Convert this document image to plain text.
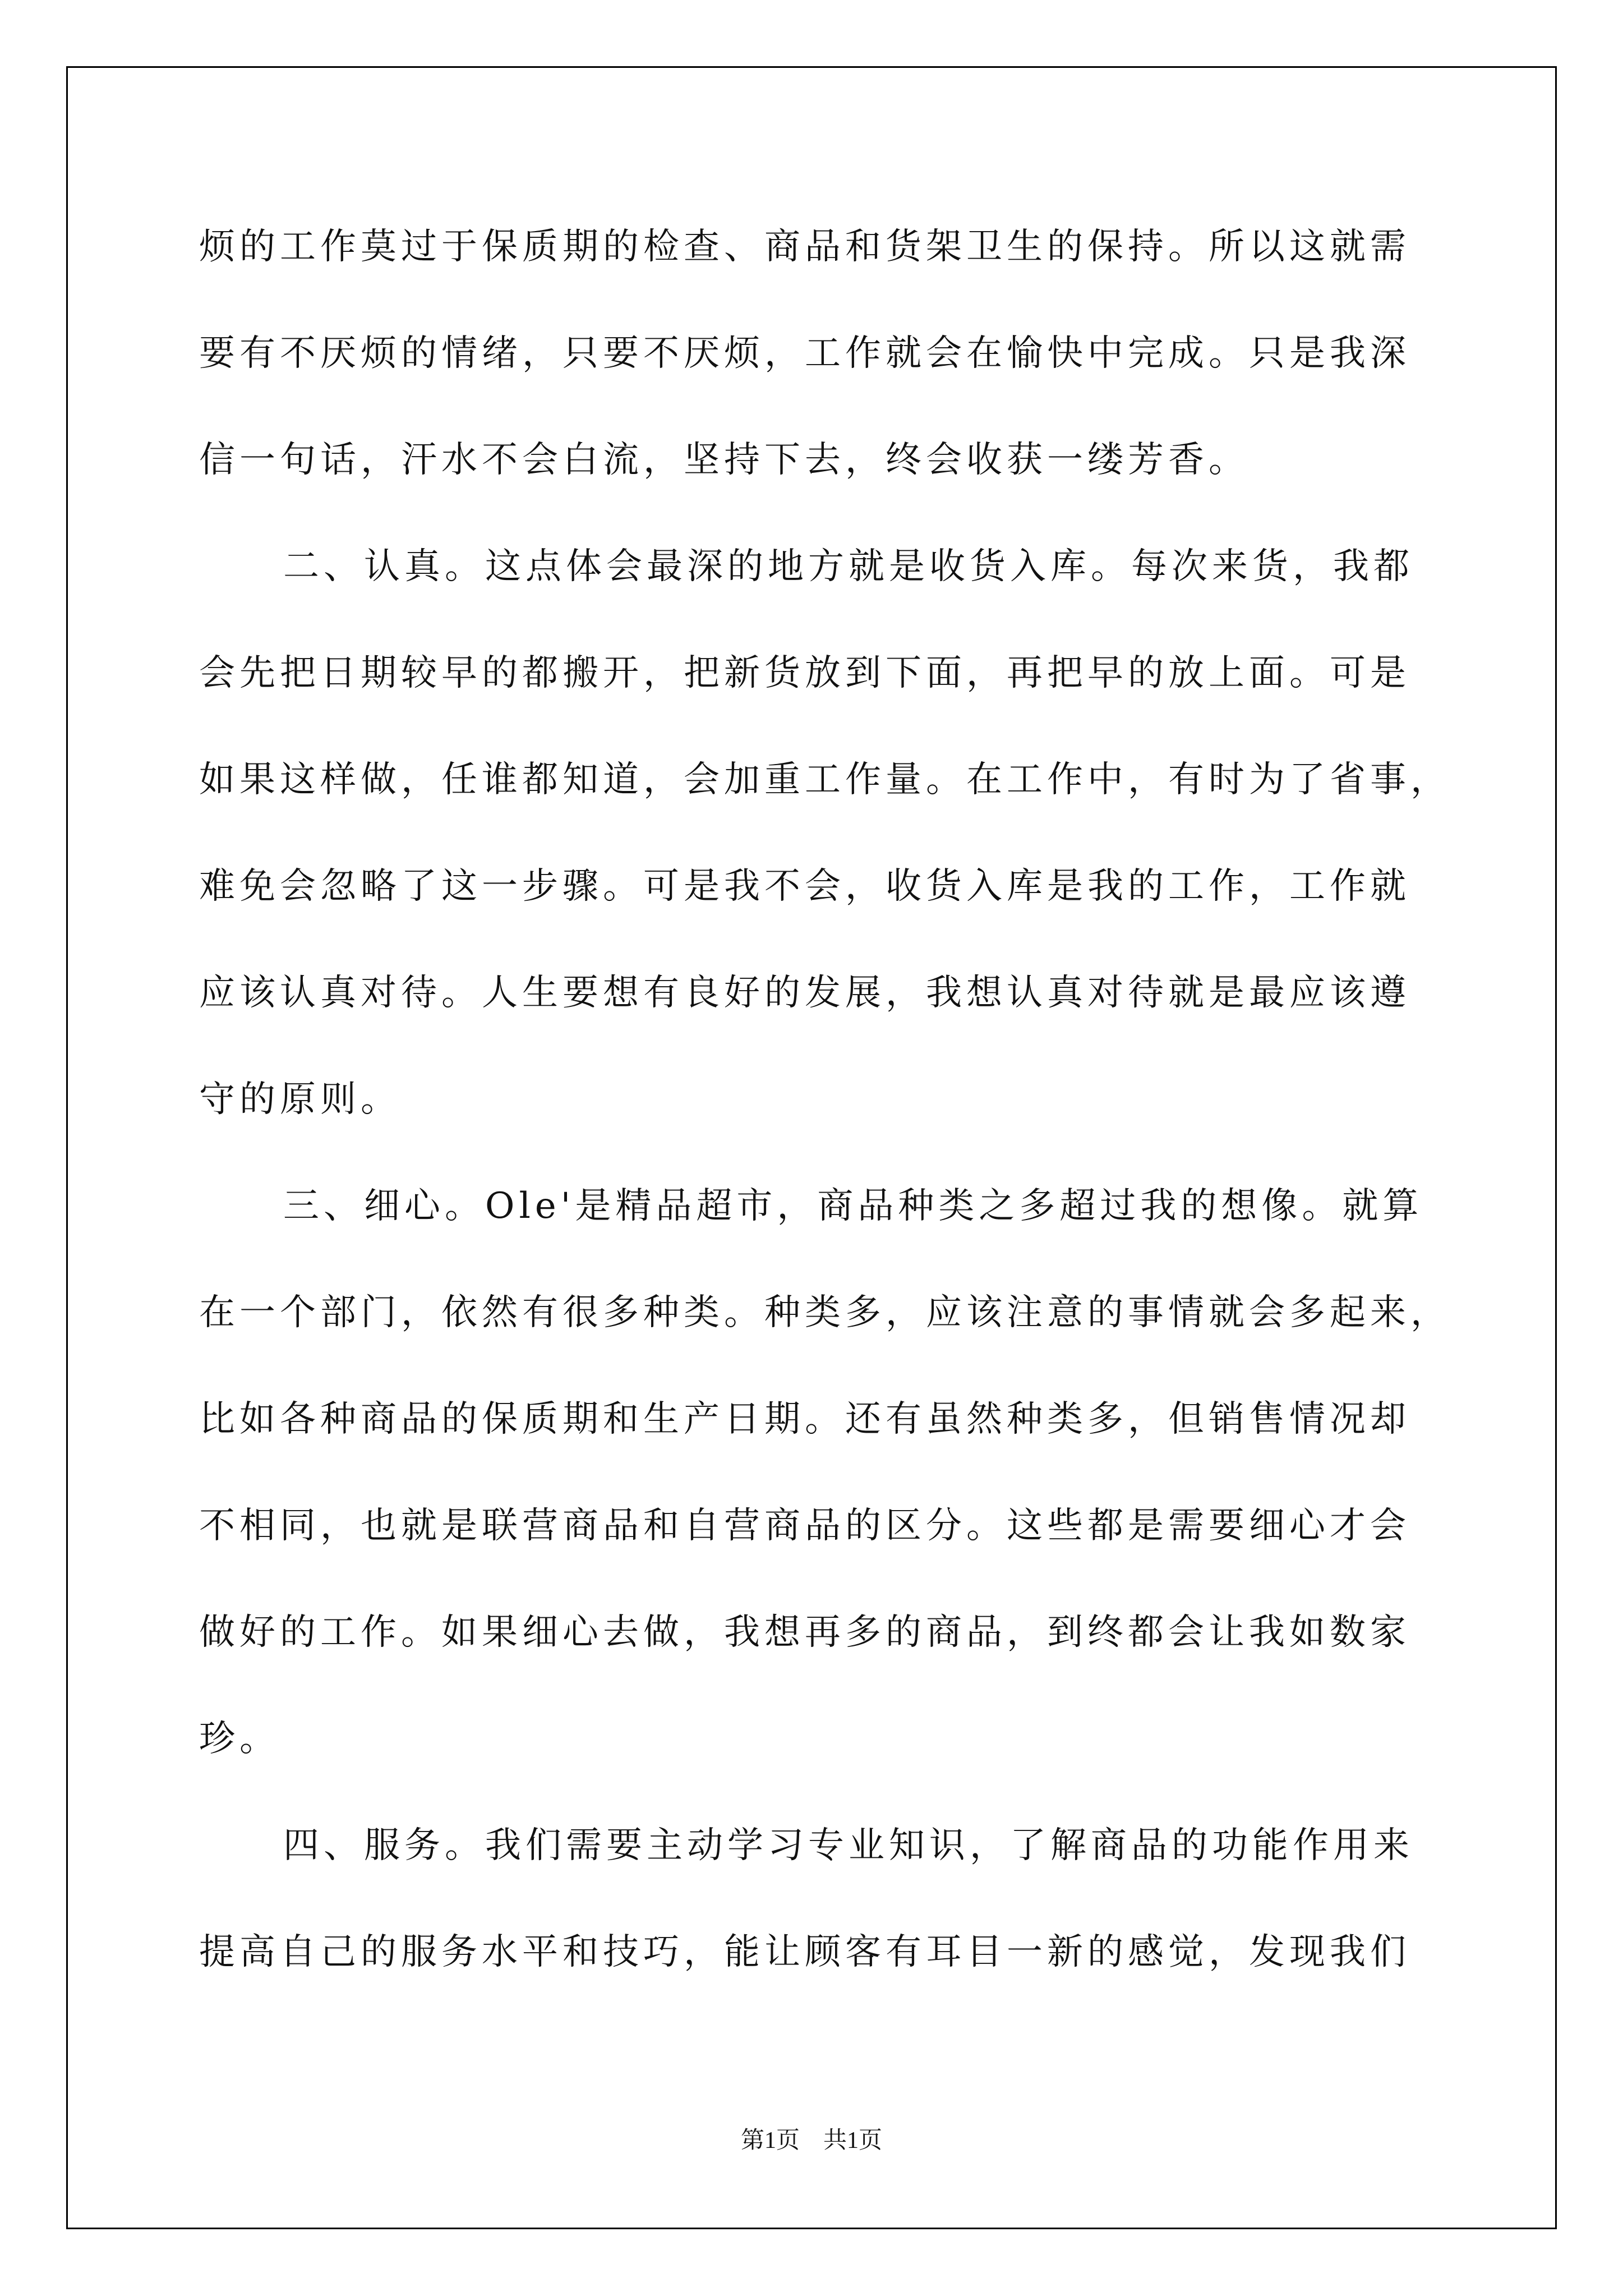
烦的工作莫过于保质期的检查、商品和货架卫生的保持。所以这就需
要有不厌烦的情绪，只要不厌烦，工作就会在愉快中完成。只是我深
信一句话，汗水不会白流，坚持下去，终会收获一缕芳香。
二、认真。这点体会最深的地方就是收货入库。每次来货，我都
会先把日期较早的都搬开，把新货放到下面，再把早的放上面。可是
如果这样做，任谁都知道，会加重工作量。在工作中，有时为了省事，
难免会忽略了这一步骤。可是我不会，收货入库是我的工作，工作就
应该认真对待。人生要想有良好的发展，我想认真对待就是最应该遵
守的原则。
三、细心。Ole'是精品超市，商品种类之多超过我的想像。就算
在一个部门，依然有很多种类。种类多，应该注意的事情就会多起来，
比如各种商品的保质期和生产日期。还有虽然种类多，但销售情况却
不相同，也就是联营商品和自营商品的区分。这些都是需要细心才会
做好的工作。如果细心去做，我想再多的商品，到终都会让我如数家
珍。
四、服务。我们需要主动学习专业知识，了解商品的功能作用来
提高自己的服务水平和技巧，能让顾客有耳目一新的感觉，发现我们
第1页　共1页
